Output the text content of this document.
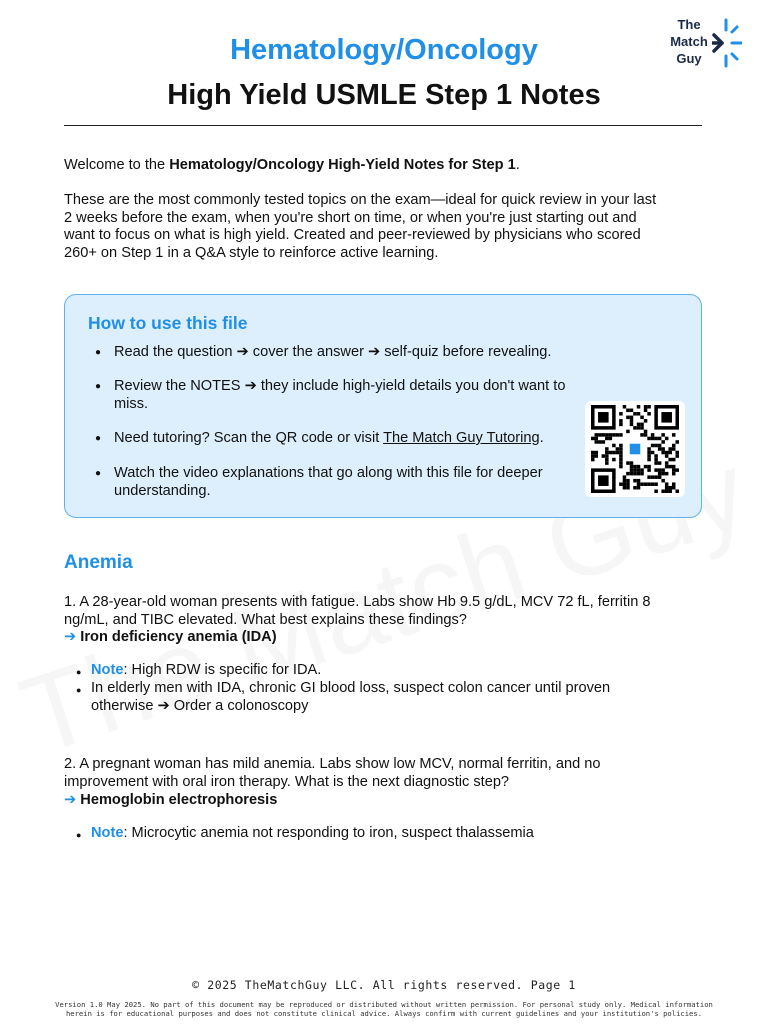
The
Match
Guy
Hematology/Oncology
High Yield USMLE Step 1 Notes
Welcome to the Hematology/Oncology High-Yield Notes for Step 1.
These are the most commonly tested topics on the exam—ideal for quick review in your last
2 weeks before the exam, when you're short on time, or when you're just starting out and
want to focus on what is high yield. Created and peer-reviewed by physicians who scored
260+ on Step 1 in a Q&A style to reinforce active learning.
How to use this file
● Read the question ➔ cover the answer ➔ self-quiz before revealing.
● Review the NOTES ➔ they include high-yield details you don't want to
miss.
● Need tutoring? Scan the QR code or visit The Match Guy Tutoring.
● Watch the video explanations that go along with this file for deeper
understanding.
Anemia
1. A 28-year-old woman presents with fatigue. Labs show Hb 9.5 g/dL, MCV 72 fL, ferritin 8
ng/mL, and TIBC elevated. What best explains these findings?
➔ Iron deficiency anemia (IDA)
● Note: High RDW is specific for IDA.
● In elderly men with IDA, chronic GI blood loss, suspect colon cancer until proven
otherwise ➔ Order a colonoscopy
2. A pregnant woman has mild anemia. Labs show low MCV, normal ferritin, and no
improvement with oral iron therapy. What is the next diagnostic step?
➔ Hemoglobin electrophoresis
● Note: Microcytic anemia not responding to iron, suspect thalassemia
© 2025 TheMatchGuy LLC. All rights reserved. Page 1
Version 1.0 May 2025. No part of this document may be reproduced or distributed without written permission. For personal study only. Medical information
herein is for educational purposes and does not constitute clinical advice. Always confirm with current guidelines and your institution's policies.
